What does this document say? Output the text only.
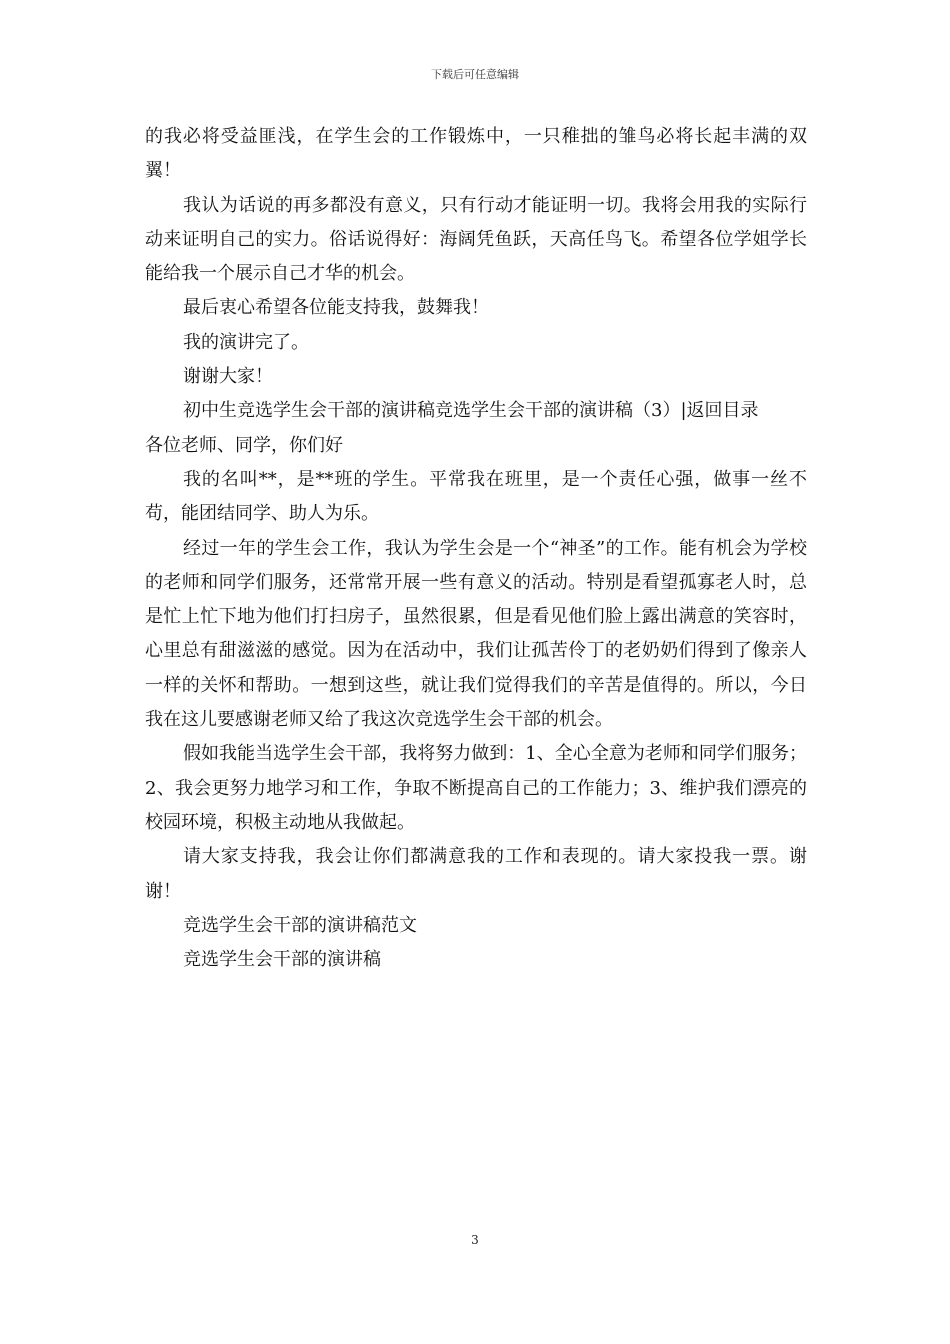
下载后可任意编辑

的我必将受益匪浅，在学生会的工作锻炼中，一只稚拙的雏鸟必将长起丰满的双翼！

我认为话说的再多都没有意义，只有行动才能证明一切。我将会用我的实际行动来证明自己的实力。俗话说得好：海阔凭鱼跃，天高任鸟飞。希望各位学姐学长能给我一个展示自己才华的机会。

最后衷心希望各位能支持我，鼓舞我！

我的演讲完了。

谢谢大家！

初中生竞选学生会干部的演讲稿竞选学生会干部的演讲稿（3）|返回目录

各位老师、同学，你们好

我的名叫**，是**班的学生。平常我在班里，是一个责任心强，做事一丝不苟，能团结同学、助人为乐。

经过一年的学生会工作，我认为学生会是一个“神圣”的工作。能有机会为学校的老师和同学们服务，还常常开展一些有意义的活动。特别是看望孤寡老人时，总是忙上忙下地为他们打扫房子，虽然很累，但是看见他们脸上露出满意的笑容时，心里总有甜滋滋的感觉。因为在活动中，我们让孤苦伶丁的老奶奶们得到了像亲人一样的关怀和帮助。一想到这些，就让我们觉得我们的辛苦是值得的。所以，今日我在这儿要感谢老师又给了我这次竞选学生会干部的机会。

假如我能当选学生会干部，我将努力做到：1、全心全意为老师和同学们服务；2、我会更努力地学习和工作，争取不断提高自己的工作能力；3、维护我们漂亮的校园环境，积极主动地从我做起。

请大家支持我，我会让你们都满意我的工作和表现的。请大家投我一票。谢谢！

竞选学生会干部的演讲稿范文

竞选学生会干部的演讲稿

3
